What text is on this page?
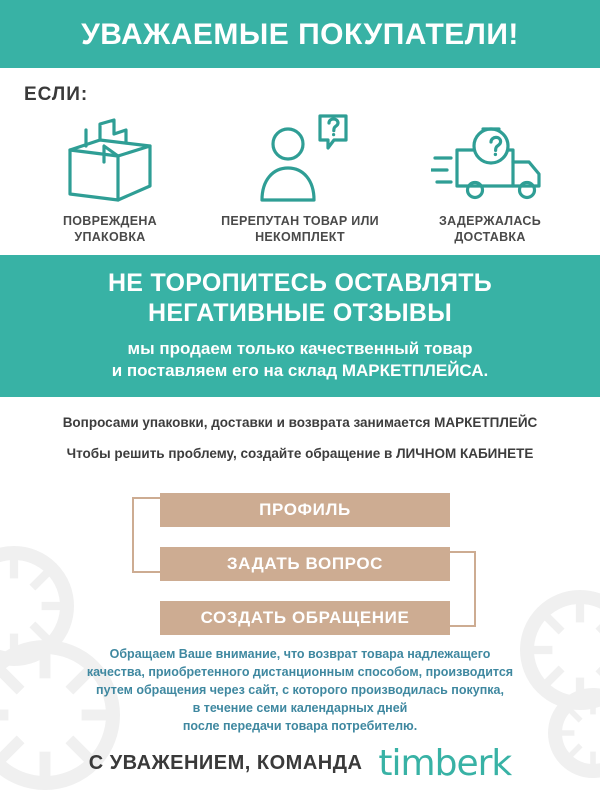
УВАЖАЕМЫЕ ПОКУПАТЕЛИ!
ЕСЛИ:
ПОВРЕЖДЕНА УПАКОВКА
ПЕРЕПУТАН ТОВАР ИЛИ НЕКОМПЛЕКТ
ЗАДЕРЖАЛАСЬ ДОСТАВКА
НЕ ТОРОПИТЕСЬ ОСТАВЛЯТЬ
НЕГАТИВНЫЕ ОТЗЫВЫ
мы продаем только качественный товар
и поставляем его на склад МАРКЕТПЛЕЙСА.

Вопросами упаковки, доставки и возврата занимается МАРКЕТПЛЕЙС

Чтобы решить проблему, создайте обращение в ЛИЧНОМ КАБИНЕТЕ

ПРОФИЛЬ
ЗАДАТЬ ВОПРОС
СОЗДАТЬ ОБРАЩЕНИЕ

Обращаем Ваше внимание, что возврат товара надлежащего

качества, приобретенного дистанционным способом, производится

путем обращения через сайт, с которого производилась покупка,

в течение семи календарных дней

после передачи товара потребителю.

С УВАЖЕНИЕМ, КОМАНДА timberk
